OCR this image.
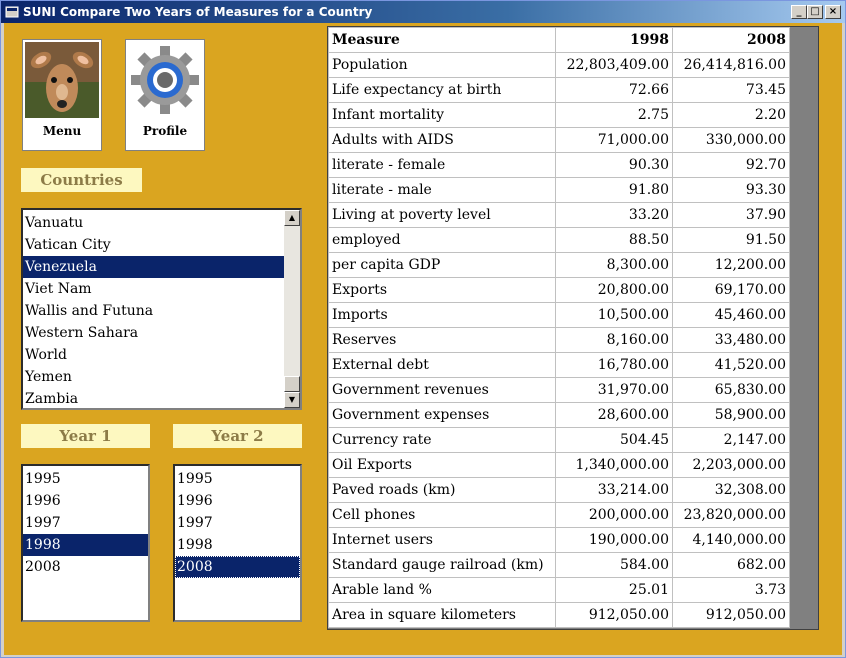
SUNI Compare Two Years of Measures for a Country	_ □ ×
Menu	Profile
Countries
Vanuatu
Vatican City
Venezuela
Viet Nam
Wallis and Futuna
Western Sahara
World
Yemen
Zambia
▲
▼
Year 1
1995
1996
1997
1998
2008
Year 2
1995
1996
1997
1998
2008
Measure	1998	2008
Population	22,803,409.00	26,414,816.00
Life expectancy at birth	72.66	73.45
Infant mortality	2.75	2.20
Adults with AIDS	71,000.00	330,000.00
literate - female	90.30	92.70
literate - male	91.80	93.30
Living at poverty level	33.20	37.90
employed	88.50	91.50
per capita GDP	8,300.00	12,200.00
Exports	20,800.00	69,170.00
Imports	10,500.00	45,460.00
Reserves	8,160.00	33,480.00
External debt	16,780.00	41,520.00
Government revenues	31,970.00	65,830.00
Government expenses	28,600.00	58,900.00
Currency rate	504.45	2,147.00
Oil Exports	1,340,000.00	2,203,000.00
Paved roads (km)	33,214.00	32,308.00
Cell phones	200,000.00	23,820,000.00
Internet users	190,000.00	4,140,000.00
Standard gauge railroad (km)	584.00	682.00
Arable land %	25.01	3.73
Area in square kilometers	912,050.00	912,050.00
